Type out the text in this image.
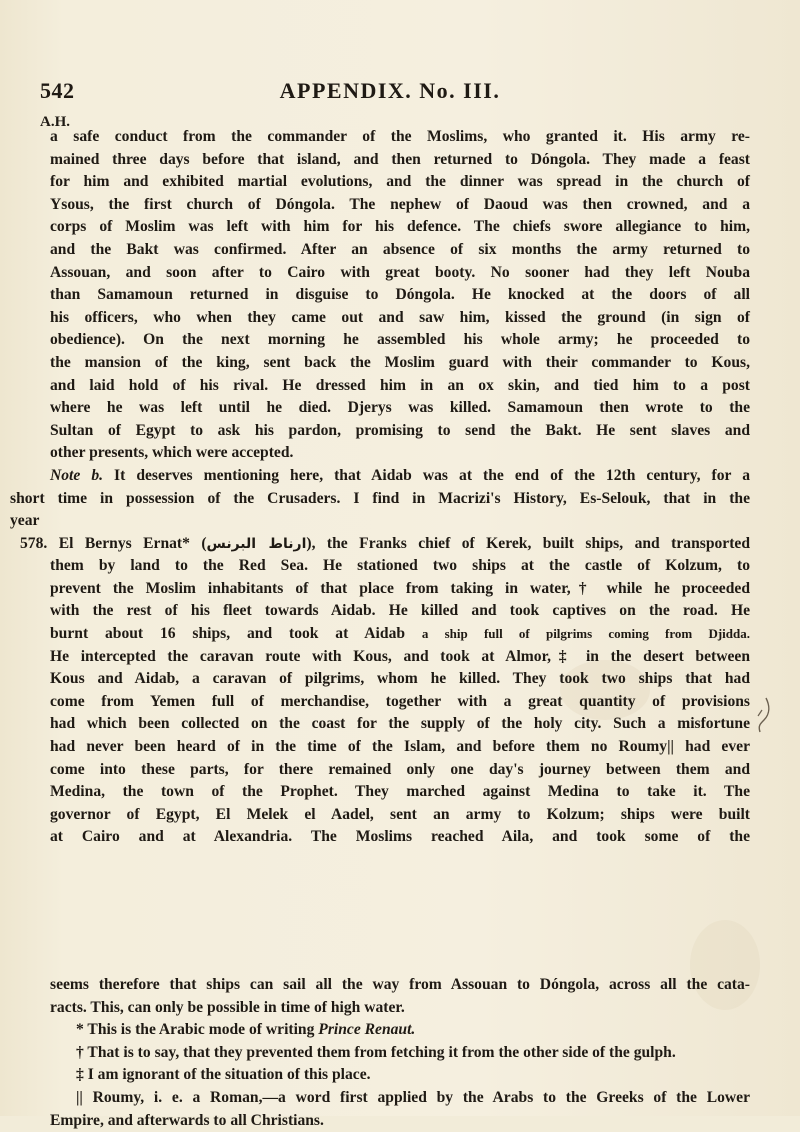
542	APPENDIX. No. III.
A.H.
a safe conduct from the commander of the Moslims, who granted it. His army re-
mained three days before that island, and then returned to Dóngola. They made a feast
for him and exhibited martial evolutions, and the dinner was spread in the church of
Ysous, the first church of Dóngola. The nephew of Daoud was then crowned, and a
corps of Moslim was left with him for his defence. The chiefs swore allegiance to him,
and the Bakt was confirmed. After an absence of six months the army returned to
Assouan, and soon after to Cairo with great booty. No sooner had they left Nouba
than Samamoun returned in disguise to Dóngola. He knocked at the doors of all
his officers, who when they came out and saw him, kissed the ground (in sign of
obedience). On the next morning he assembled his whole army; he proceeded to
the mansion of the king, sent back the Moslim guard with their commander to Kous,
and laid hold of his rival. He dressed him in an ox skin, and tied him to a post
where he was left until he died. Djerys was killed. Samamoun then wrote to the
Sultan of Egypt to ask his pardon, promising to send the Bakt. He sent slaves and
other presents, which were accepted.
Note b. It deserves mentioning here, that Aidab was at the end of the 12th century, for a
short time in possession of the Crusaders. I find in Macrizi's History, Es-Selouk, that in the
year
578. El Bernys Ernat* (ارناط البرنس), the Franks chief of Kerek, built ships, and transported
them by land to the Red Sea. He stationed two ships at the castle of Kolzum, to
prevent the Moslim inhabitants of that place from taking in water,† while he proceeded
with the rest of his fleet towards Aidab. He killed and took captives on the road. He
burnt about 16 ships, and took at Aidab a ship full of pilgrims coming from Djidda.
He intercepted the caravan route with Kous, and took at Almor,‡ in the desert between
Kous and Aidab, a caravan of pilgrims, whom he killed. They took two ships that had
come from Yemen full of merchandise, together with a great quantity of provisions
had which been collected on the coast for the supply of the holy city. Such a misfortune
had never been heard of in the time of the Islam, and before them no Roumy|| had ever
come into these parts, for there remained only one day's journey between them and
Medina, the town of the Prophet. They marched against Medina to take it. The
governor of Egypt, El Melek el Aadel, sent an army to Kolzum; ships were built
at Cairo and at Alexandria. The Moslims reached Aila, and took some of the
seems therefore that ships can sail all the way from Assouan to Dóngola, across all the cata-
racts. This, can only be possible in time of high water.
* This is the Arabic mode of writing Prince Renaut.
† That is to say, that they prevented them from fetching it from the other side of the gulph.
‡ I am ignorant of the situation of this place.
|| Roumy, i. e. a Roman,—a word first applied by the Arabs to the Greeks of the Lower
Empire, and afterwards to all Christians.
